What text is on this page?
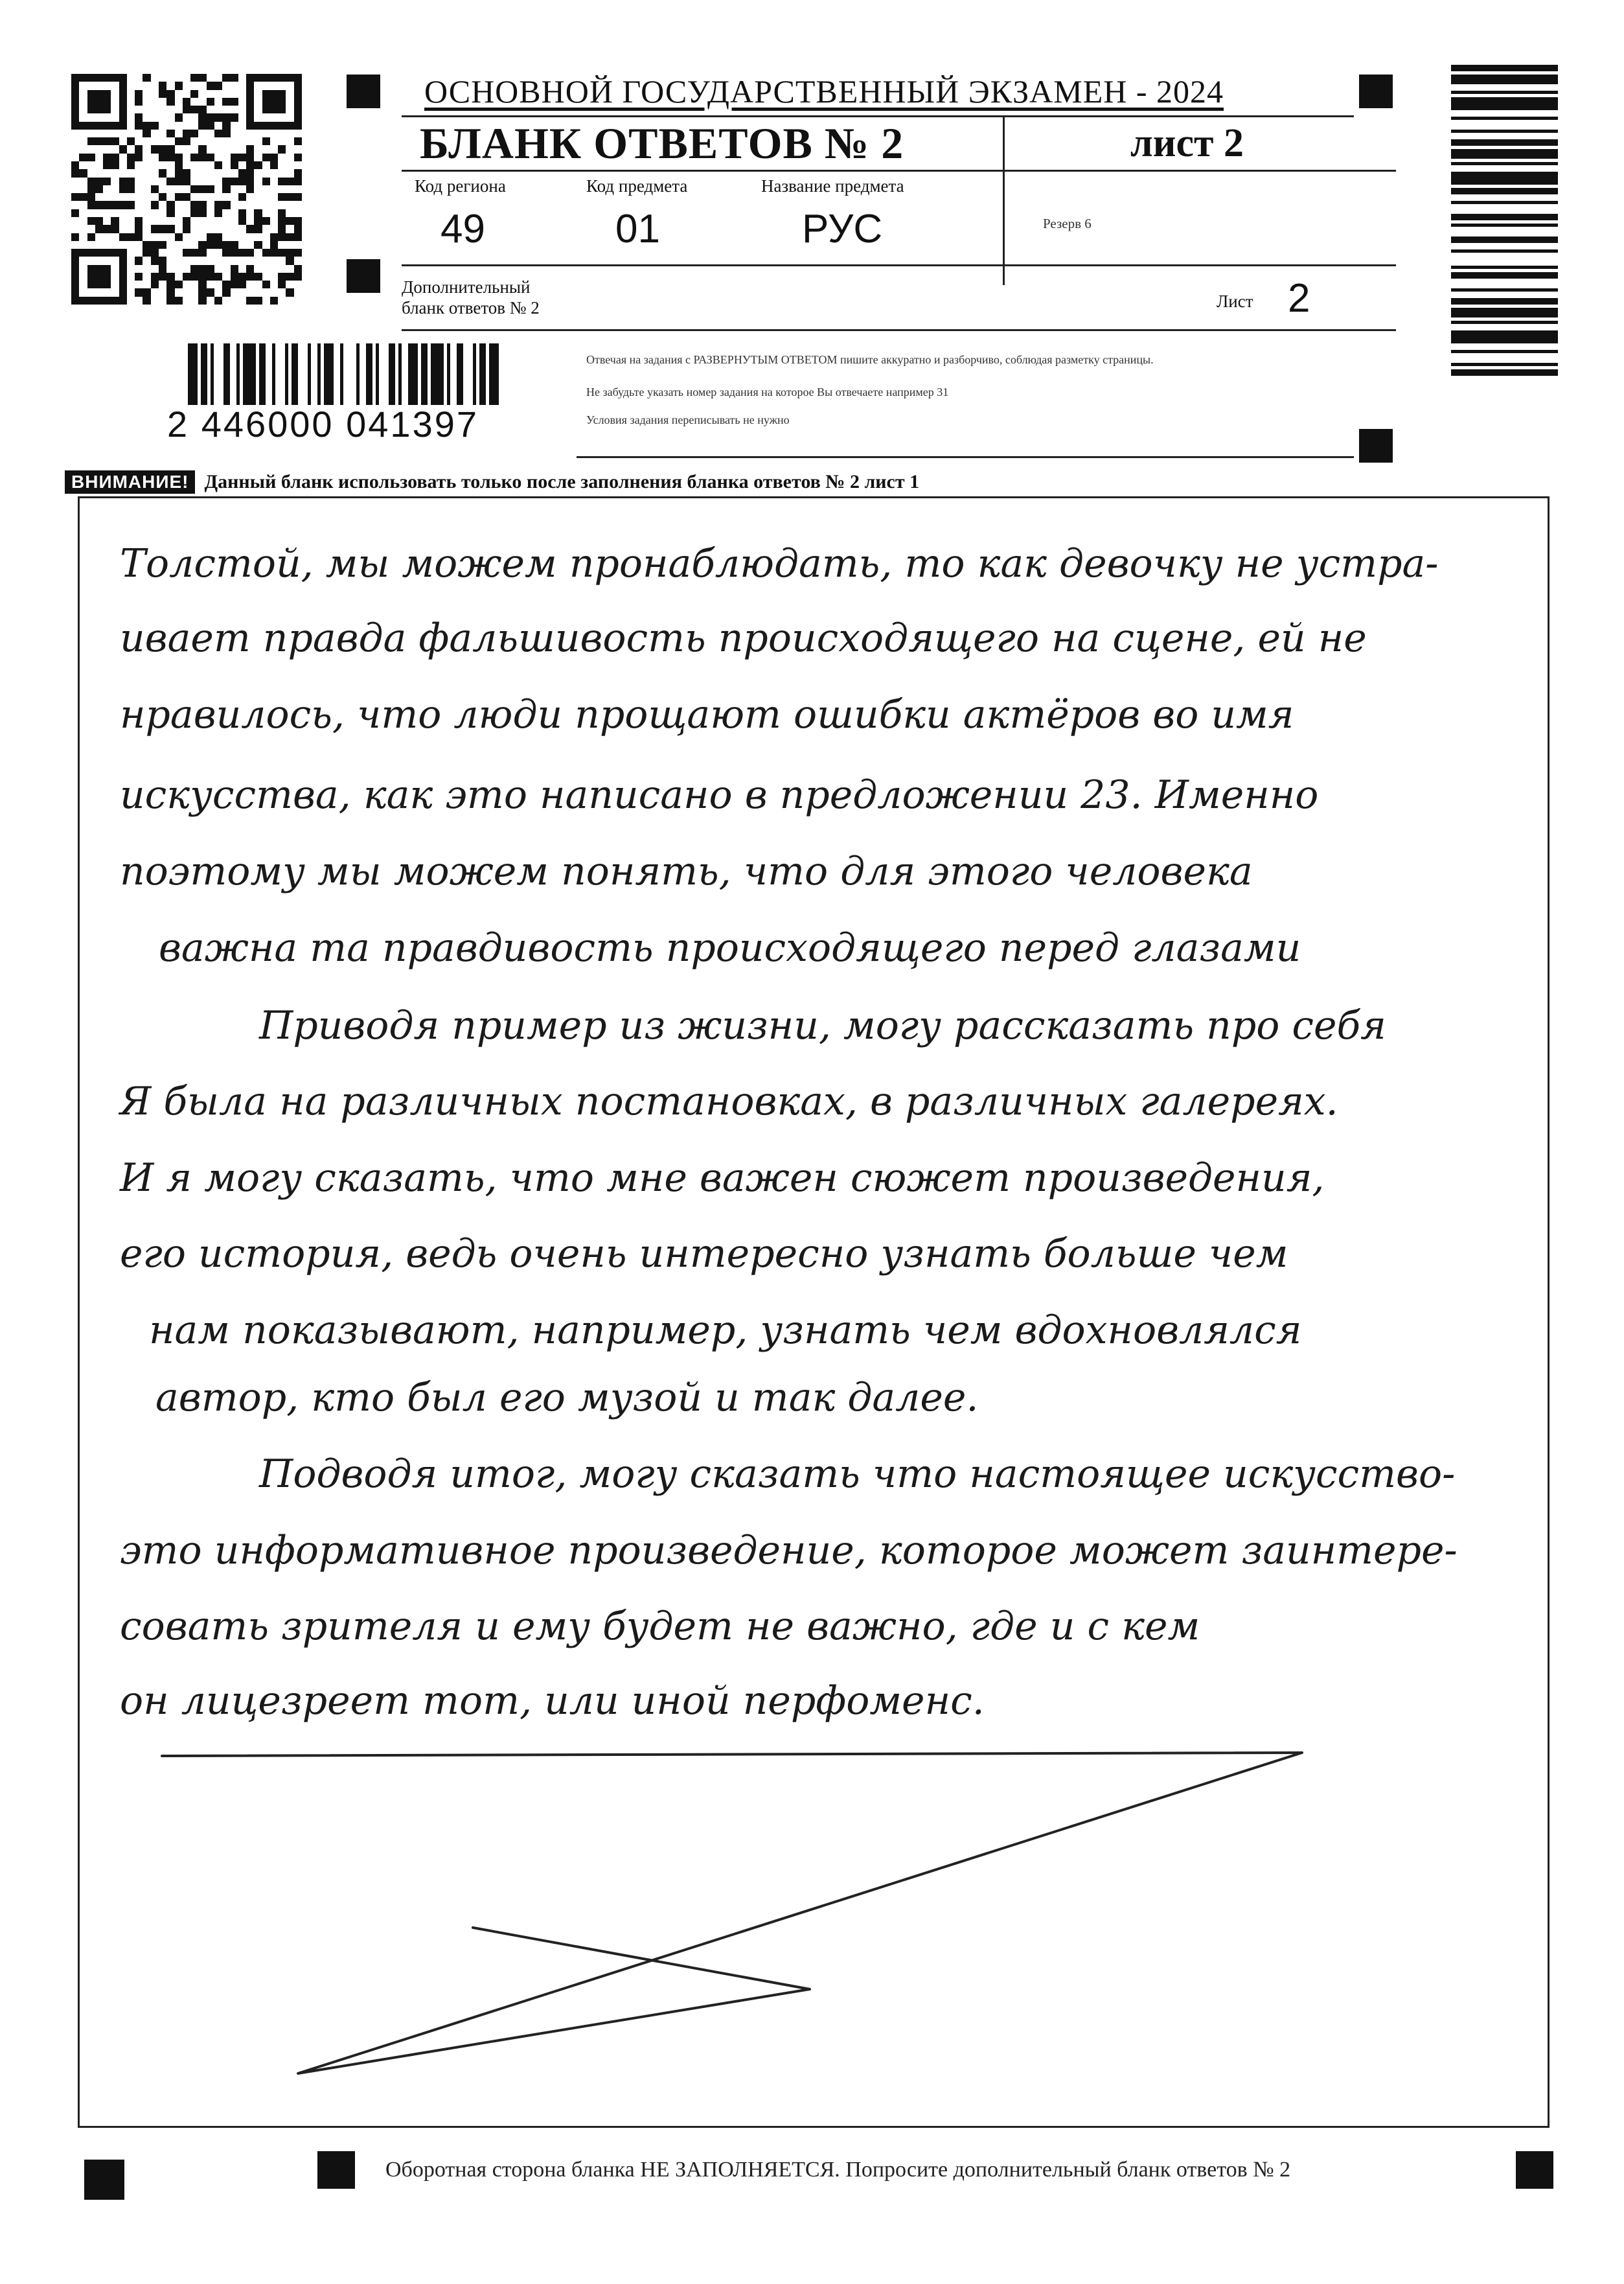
ОСНОВНОЙ ГОСУДАРСТВЕННЫЙ ЭКЗАМЕН - 2024
БЛАНК ОТВЕТОВ № 2	лист 2
Код региона
49
Код предмета
01
Название предмета
РУС	Резерв 6
Дополнительный
бланк ответов № 2	Лист 2
2 446000 041397
Отвечая на задания с РАЗВЕРНУТЫМ ОТВЕТОМ пишите аккуратно и разборчиво, соблюдая разметку страницы.
Не забудьте указать номер задания на которое Вы отвечаете например 31
Условия задания переписывать не нужно
ВНИМАНИЕ! Данный бланк использовать только после заполнения бланка ответов № 2 лист 1
Толстой, мы можем пронаблюдать, то как девочку не устра-
ивает правда фальшивость происходящего на сцене, ей не
нравилось, что люди прощают ошибки актёров во имя
искусства, как это написано в предложении 23. Именно
поэтому мы можем понять, что для этого человека
важна та правдивость происходящего перед глазами
Приводя пример из жизни, могу рассказать про себя
Я была на различных постановках, в различных галереях.
И я могу сказать, что мне важен сюжет произведения,
его история, ведь очень интересно узнать больше чем
нам показывают, например, узнать чем вдохновлялся
автор, кто был его музой и так далее.
Подводя итог, могу сказать что настоящее искусство-
это информативное произведение, которое может заинтере-
совать зрителя и ему будет не важно, где и с кем
он лицезреет тот, или иной перфоменс.
Оборотная сторона бланка НЕ ЗАПОЛНЯЕТСЯ. Попросите дополнительный бланк ответов № 2
